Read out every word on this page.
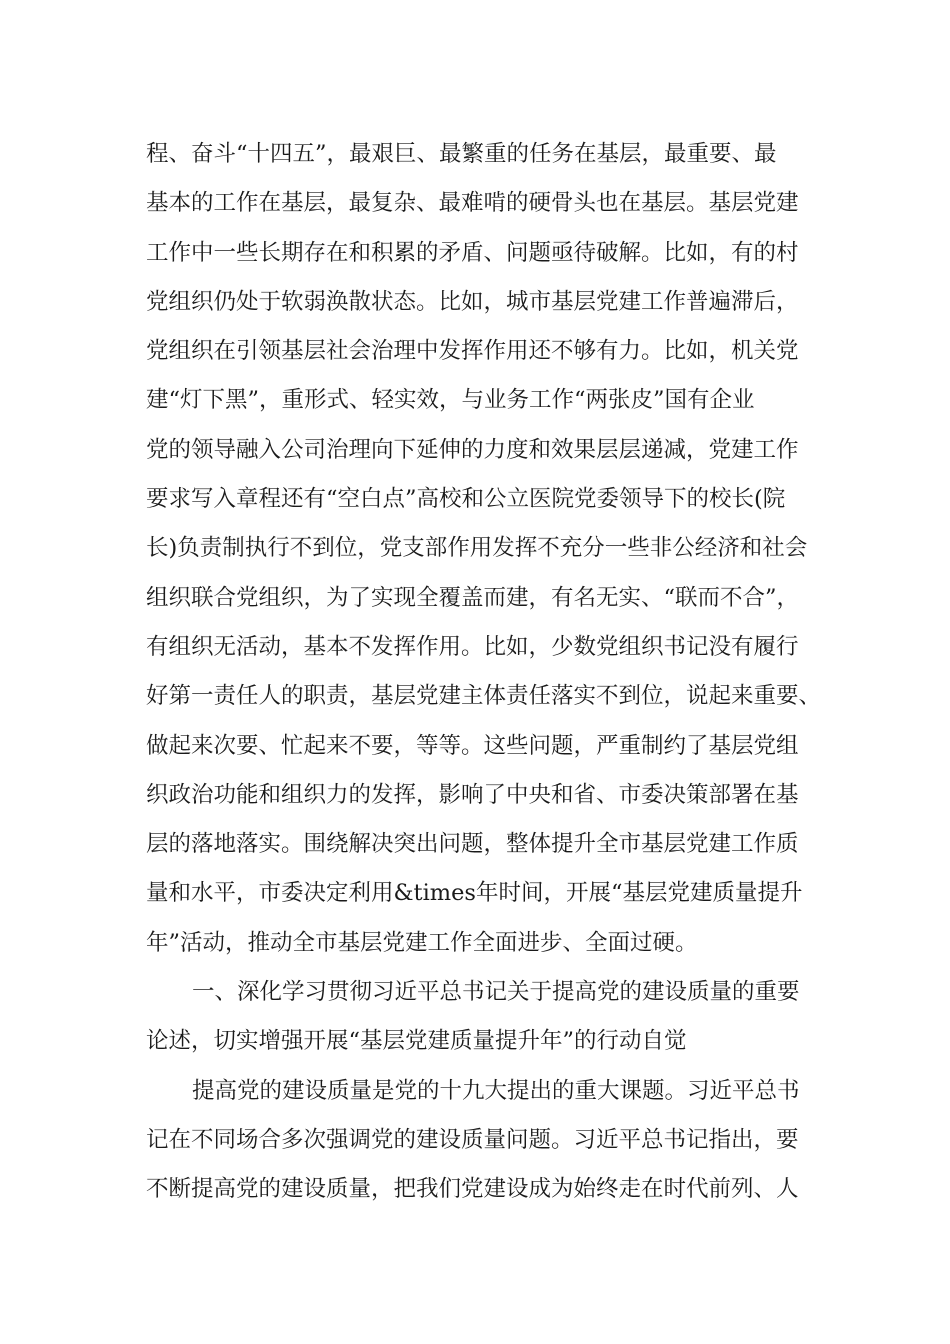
程、奋斗“十四五”，最艰巨、最繁重的任务在基层，最重要、最
基本的工作在基层，最复杂、最难啃的硬骨头也在基层。基层党建
工作中一些长期存在和积累的矛盾、问题亟待破解。比如，有的村
党组织仍处于软弱涣散状态。比如，城市基层党建工作普遍滞后，
党组织在引领基层社会治理中发挥作用还不够有力。比如，机关党
建“灯下黑”，重形式、轻实效，与业务工作“两张皮”国有企业
党的领导融入公司治理向下延伸的力度和效果层层递减，党建工作
要求写入章程还有“空白点”高校和公立医院党委领导下的校长(院
长)负责制执行不到位，党支部作用发挥不充分一些非公经济和社会
组织联合党组织，为了实现全覆盖而建，有名无实、“联而不合”，
有组织无活动，基本不发挥作用。比如，少数党组织书记没有履行
好第一责任人的职责，基层党建主体责任落实不到位，说起来重要、
做起来次要、忙起来不要，等等。这些问题，严重制约了基层党组
织政治功能和组织力的发挥，影响了中央和省、市委决策部署在基
层的落地落实。围绕解决突出问题，整体提升全市基层党建工作质
量和水平，市委决定利用&times年时间，开展“基层党建质量提升
年”活动，推动全市基层党建工作全面进步、全面过硬。
一、深化学习贯彻习近平总书记关于提高党的建设质量的重要
论述，切实增强开展“基层党建质量提升年”的行动自觉
提高党的建设质量是党的十九大提出的重大课题。习近平总书
记在不同场合多次强调党的建设质量问题。习近平总书记指出，要
不断提高党的建设质量，把我们党建设成为始终走在时代前列、人
